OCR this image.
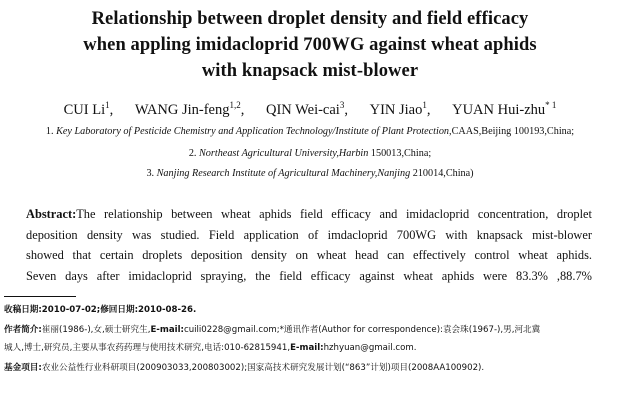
Relationship between droplet density and field efficacy
when appling imidacloprid 700WG against wheat aphids
with knapsack mist-blower
CUI Li$^1$, WANG Jin-feng$^{1,2}$, QIN Wei-cai$^3$, YIN Jiao$^1$, YUAN Hui-zhu$^{* 1}$
1. Key Laboratory of Pesticide Chemistry and Application Technology/Institute of Plant Protection,CAAS,Beijing 100193,China;
2. Northeast Agricultural University,Harbin 150013,China;
3. Nanjing Research Institute of Agricultural Machinery,Nanjing 210014,China)
Abstract:The relationship between wheat aphids field efficacy and imidacloprid concentration, droplet
deposition density was studied. Field application of imdacloprid 700WG with knapsack mist-blower
showed that certain droplets deposition density on wheat head can effectively control wheat aphids.
Seven days after imidacloprid spraying, the field efficacy against wheat aphids were 83.3% ,88.7%
收稿日期:2010-07-02;修回日期:2010-08-26.
作者简介:崔丽(1986-),女,硕士研究生,E-mail:cuili0228@gmail.com;*通讯作者(Author for correspondence):袁会珠(1967-),男,河北冀
城人,博士,研究员,主要从事农药药理与使用技术研究,电话:010-62815941,E-mail:hzhyuan@gmail.com.
基金项目:农业公益性行业科研项目(200903033,200803002);国家高技术研究发展计划(“863”计划)项目(2008AA100902).
